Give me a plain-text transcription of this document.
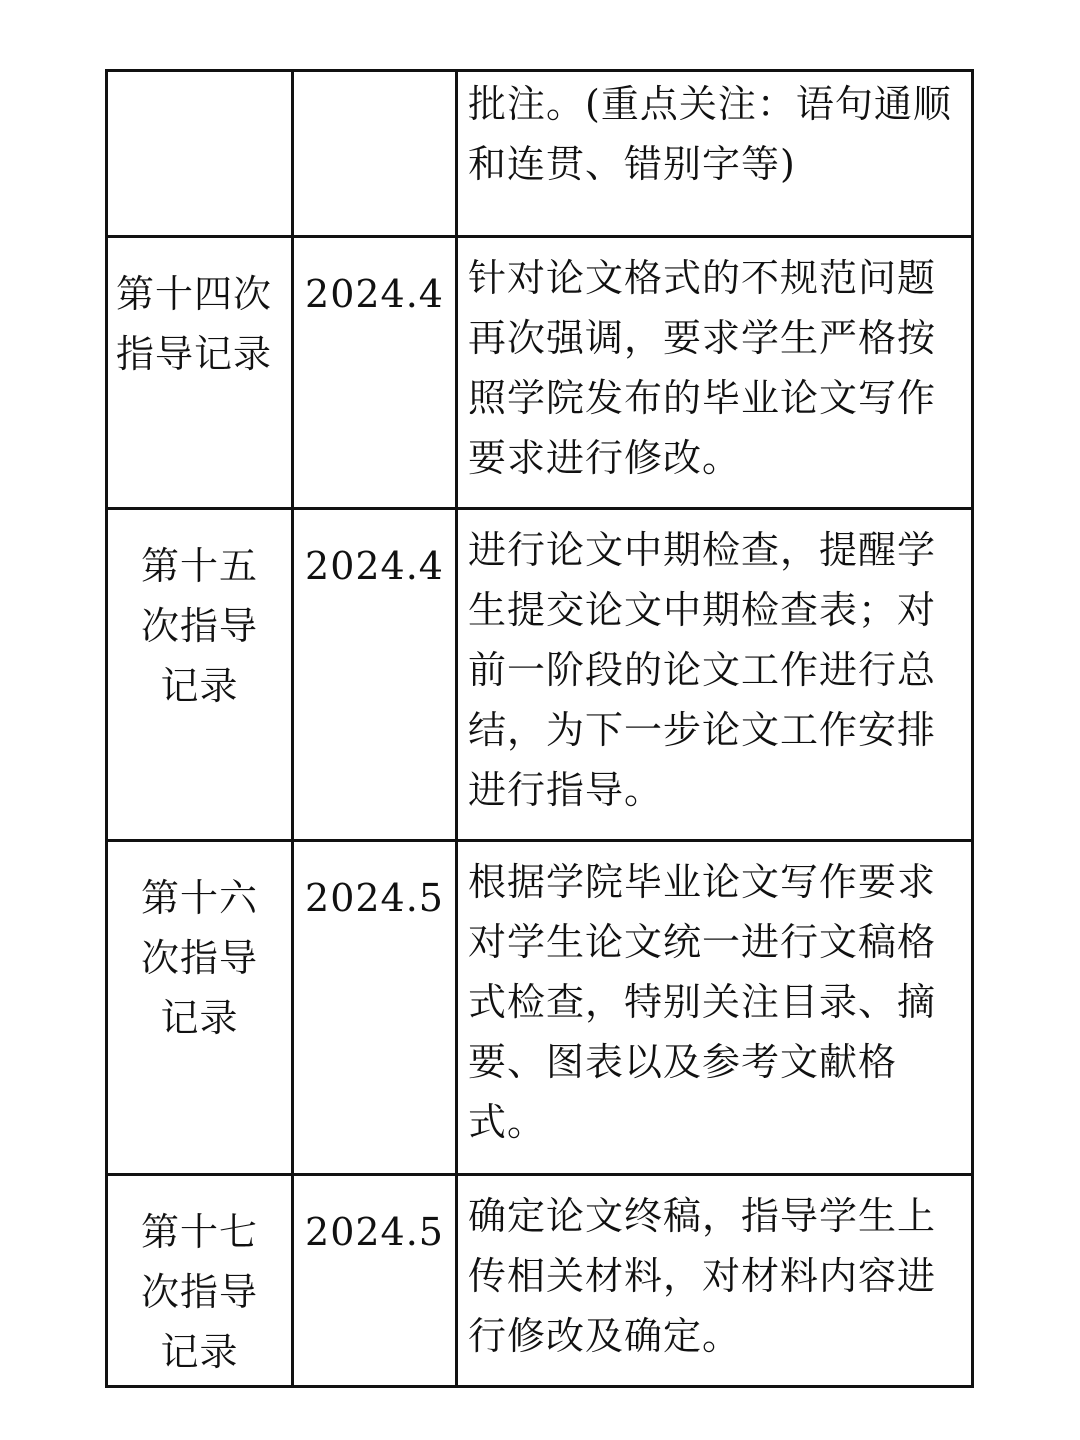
		批注。(重点关注：语句通顺和连贯、错别字等)

第十四次
指导记录	2024.4	针对论文格式的不规范问题再次强调，要求学生严格按照学院发布的毕业论文写作要求进行修改。

第十五
次指导
记录	2024.4	进行论文中期检查，提醒学生提交论文中期检查表；对前一阶段的论文工作进行总结，为下一步论文工作安排进行指导。

第十六
次指导
记录	2024.5	根据学院毕业论文写作要求对学生论文统一进行文稿格式检查，特别关注目录、摘要、图表以及参考文献格式。

第十七
次指导
记录	2024.5	确定论文终稿，指导学生上传相关材料，对材料内容进行修改及确定。
